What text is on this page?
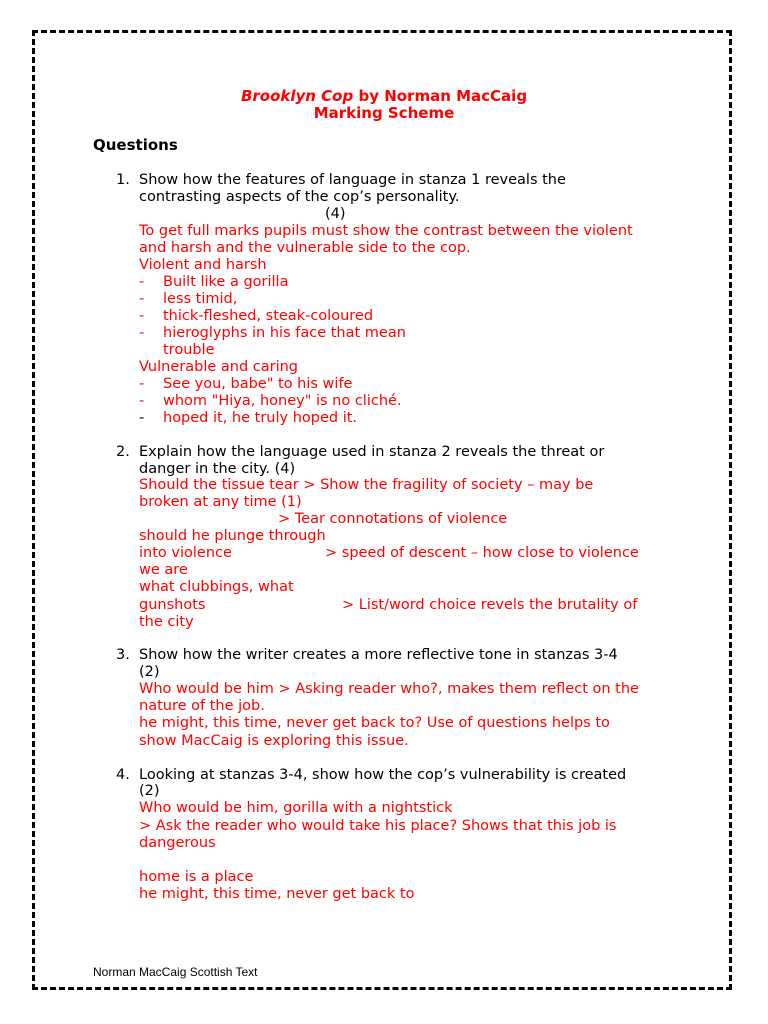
Brooklyn Cop by Norman MacCaig
Marking Scheme
Questions
1. Show how the features of language in stanza 1 reveals the
contrasting aspects of the cop’s personality.
(4)
To get full marks pupils must show the contrast between the violent
and harsh and the vulnerable side to the cop.
Violent and harsh
- Built like a gorilla
- less timid,
- thick-fleshed, steak-coloured
- hieroglyphs in his face that mean
trouble
Vulnerable and caring
- See you, babe" to his wife
- whom "Hiya, honey" is no cliché.
- hoped it, he truly hoped it.
2. Explain how the language used in stanza 2 reveals the threat or
danger in the city. (4)
Should the tissue tear > Show the fragility of society – may be
broken at any time (1)
> Tear connotations of violence
should he plunge through
into violence	> speed of descent – how close to violence
we are
what clubbings, what
gunshots	> List/word choice revels the brutality of
the city
3. Show how the writer creates a more reflective tone in stanzas 3-4
(2)
Who would be him > Asking reader who?, makes them reflect on the
nature of the job.
he might, this time, never get back to? Use of questions helps to
show MacCaig is exploring this issue.
4. Looking at stanzas 3-4, show how the cop’s vulnerability is created
(2)
Who would be him, gorilla with a nightstick
> Ask the reader who would take his place? Shows that this job is
dangerous
home is a place
he might, this time, never get back to
Norman MacCaig Scottish Text
